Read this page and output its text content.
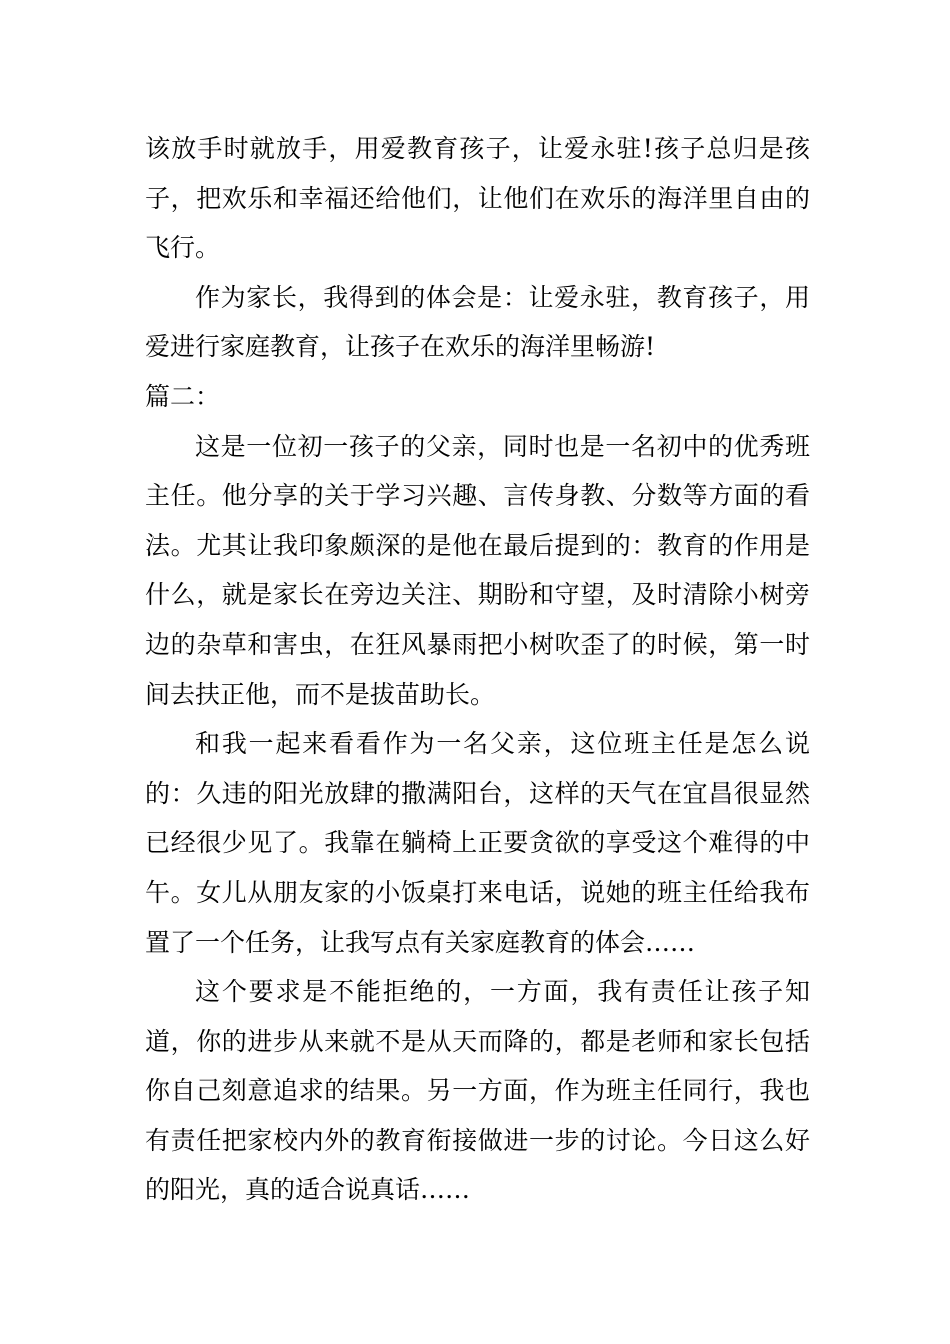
该放手时就放手，用爱教育孩子，让爱永驻!孩子总归是孩子，把欢乐和幸福还给他们，让他们在欢乐的海洋里自由的飞行。

作为家长，我得到的体会是：让爱永驻，教育孩子，用爱进行家庭教育，让孩子在欢乐的海洋里畅游!

篇二：

这是一位初一孩子的父亲，同时也是一名初中的优秀班主任。他分享的关于学习兴趣、言传身教、分数等方面的看法。尤其让我印象颇深的是他在最后提到的：教育的作用是什么，就是家长在旁边关注、期盼和守望，及时清除小树旁边的杂草和害虫，在狂风暴雨把小树吹歪了的时候，第一时间去扶正他，而不是拔苗助长。

和我一起来看看作为一名父亲，这位班主任是怎么说的：久违的阳光放肆的撒满阳台，这样的天气在宜昌很显然已经很少见了。我靠在躺椅上正要贪欲的享受这个难得的中午。女儿从朋友家的小饭桌打来电话，说她的班主任给我布置了一个任务，让我写点有关家庭教育的体会……

这个要求是不能拒绝的，一方面，我有责任让孩子知道，你的进步从来就不是从天而降的，都是老师和家长包括你自己刻意追求的结果。另一方面，作为班主任同行，我也有责任把家校内外的教育衔接做进一步的讨论。今日这么好的阳光，真的适合说真话……
